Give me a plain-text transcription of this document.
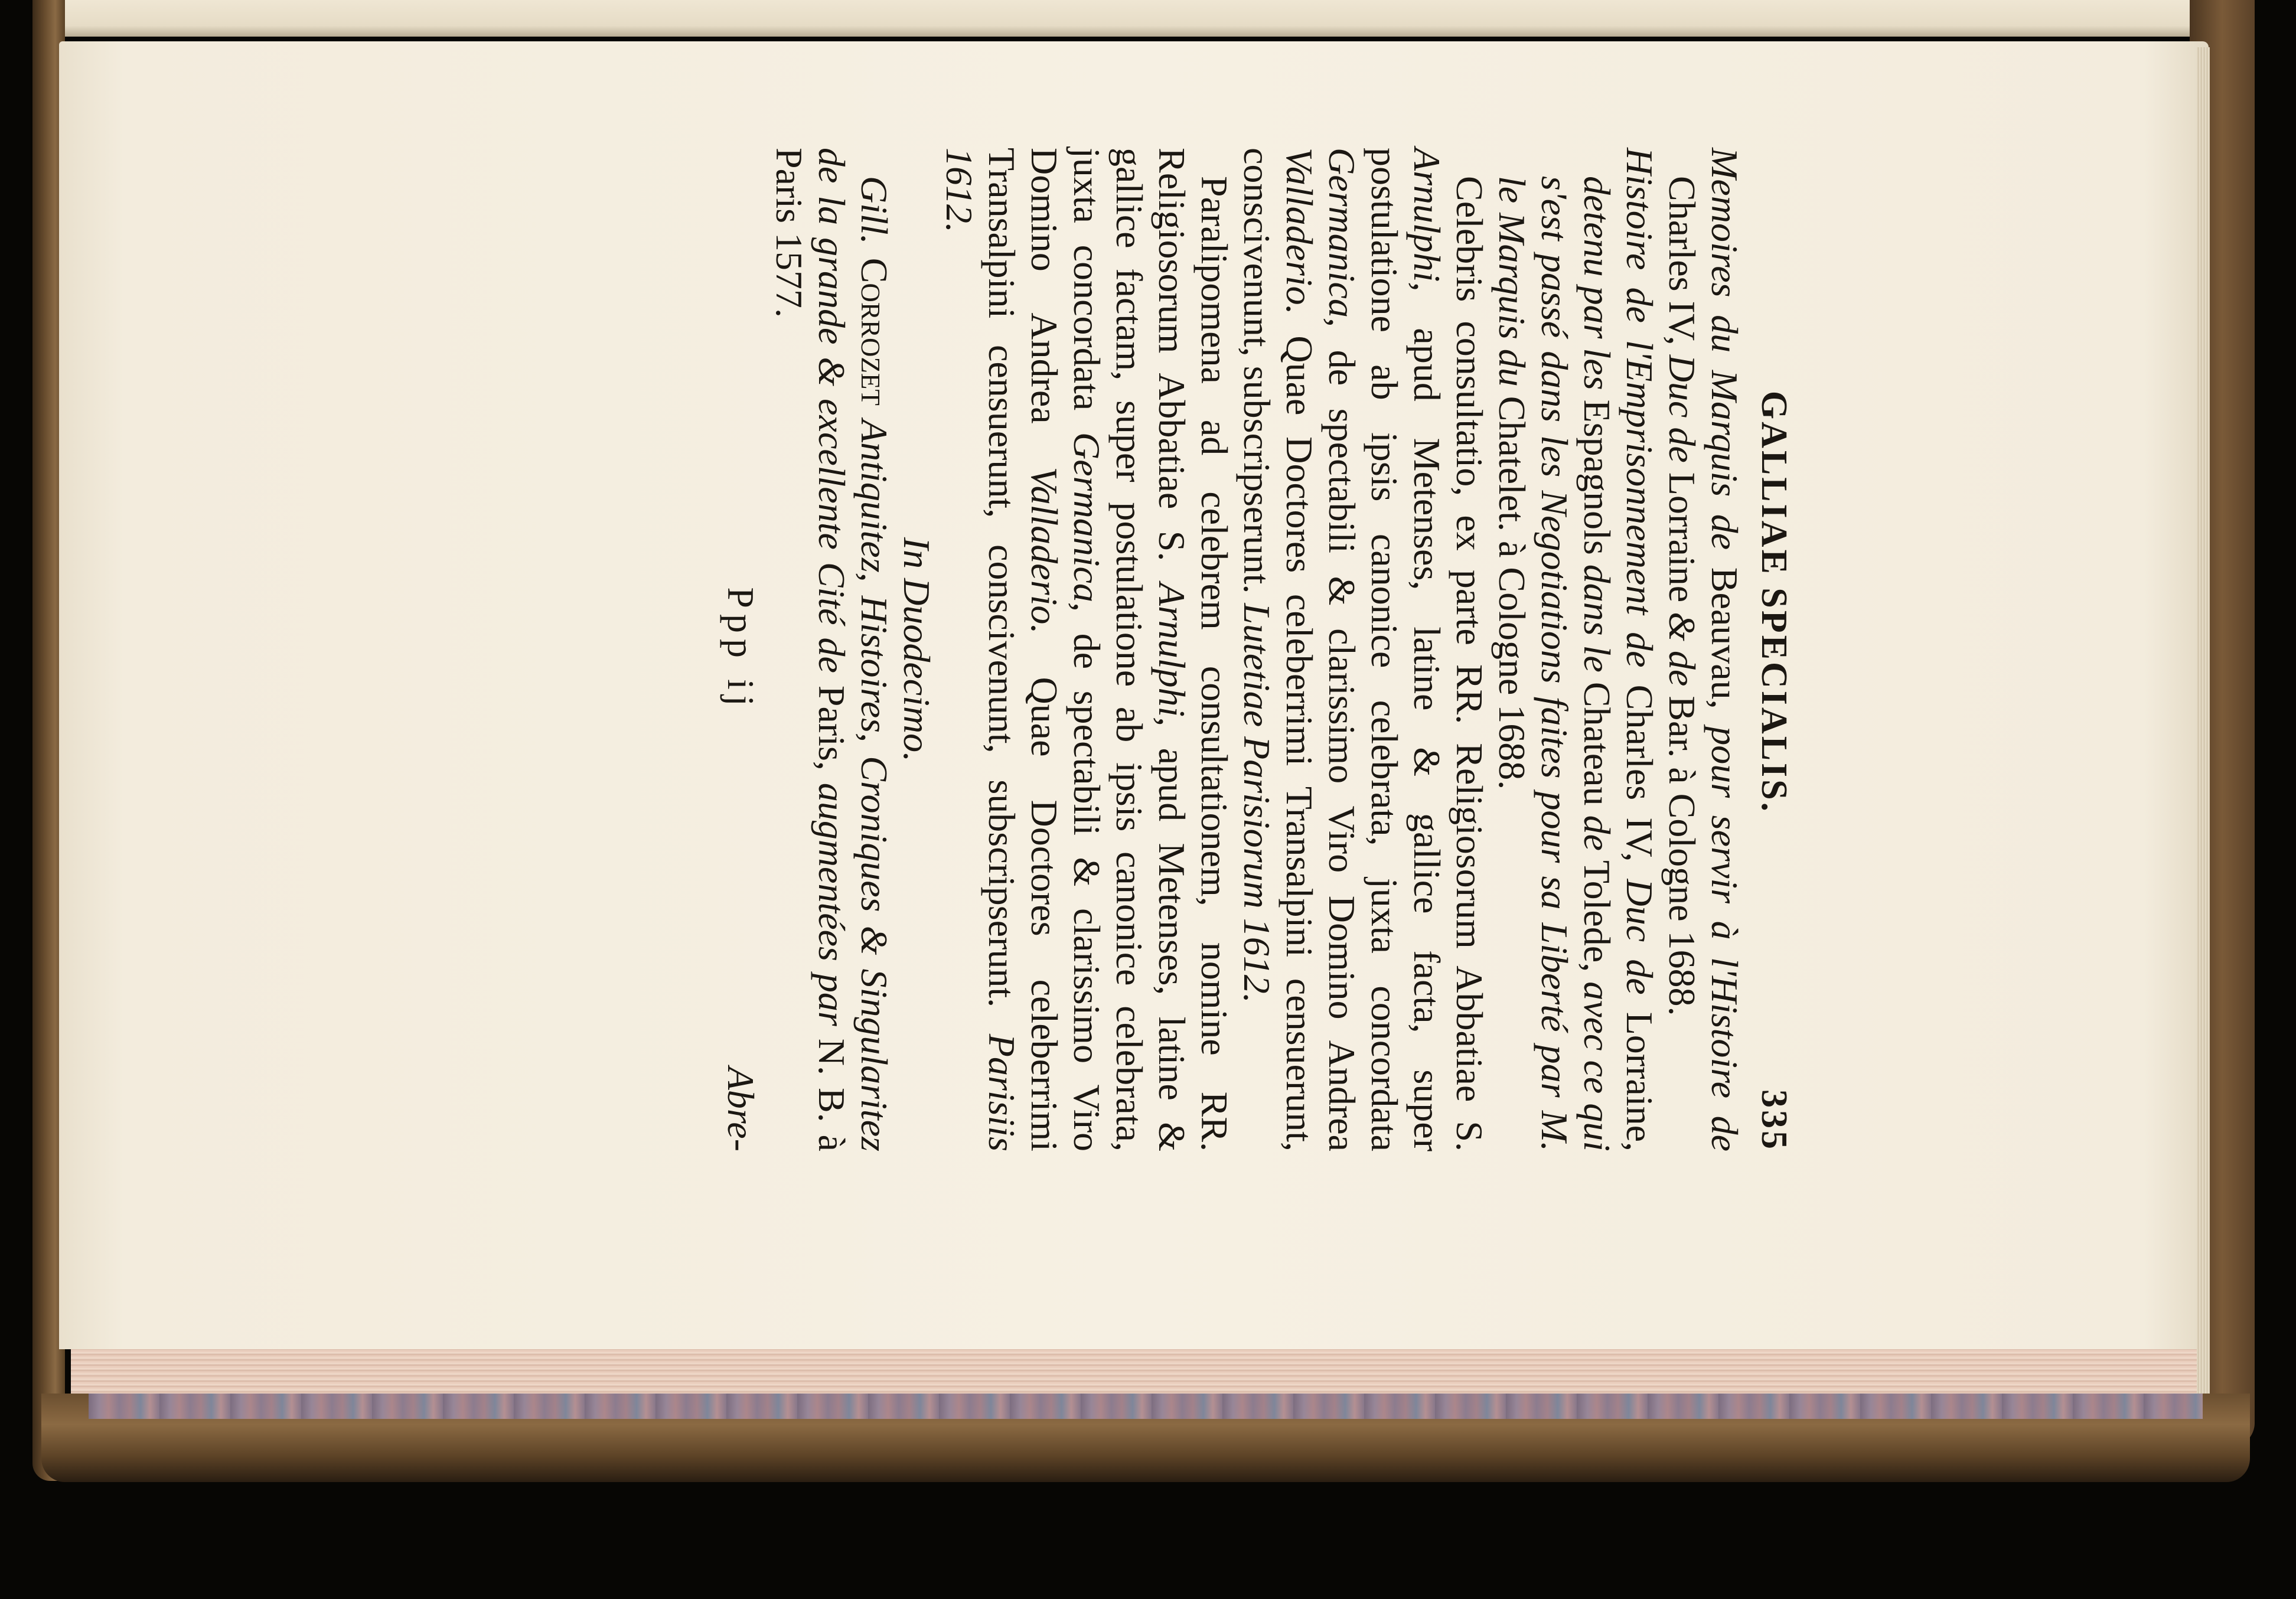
GALLIAE SPECIALIS.
335

Memoires du Marquis de Beauvau, pour servir à l'Histoire de Charles IV, Duc de Lorraine & de Bar. à Cologne 1688.

Histoire de l'Emprisonnement de Charles IV, Duc de Lorraine, detenu par les Espagnols dans le Chateau de Tolede, avec ce qui s'est passé dans les Negotiations faites pour sa Liberté par M. le Marquis du Chatelet. à Cologne 1688.

Celebris consultatio, ex parte RR. Religiosorum Abbatiae S. Arnulphi, apud Metenses, latine & gallice facta, super postulatione ab ipsis canonice celebrata, juxta concordata Germanica, de spectabili & clarissimo Viro Domino Andrea Valladerio. Quae Doctores celeberrimi Transalpini censuerunt, conscivenunt, subscripserunt. Lutetiae Parisiorum 1612.

Paralipomena ad celebrem consultationem, nomine RR. Religiosorum Abbatiae S. Arnulphi, apud Metenses, latine & gallice factam, super postulatione ab ipsis canonice celebrata, juxta concordata Germanica, de spectabili & clarissimo Viro Domino Andrea Valladerio. Quae Doctores celeberrimi Transalpini censuerunt, conscivenunt, subscripserunt. Parisiis 1612.

In Duodecimo.

Gill. Corrozet Antiquitez, Histoires, Croniques & Singularitez de la grande & excellente Cité de Paris, augmentées par N. B. à Paris 1577.

Ppp ij
Abre-
